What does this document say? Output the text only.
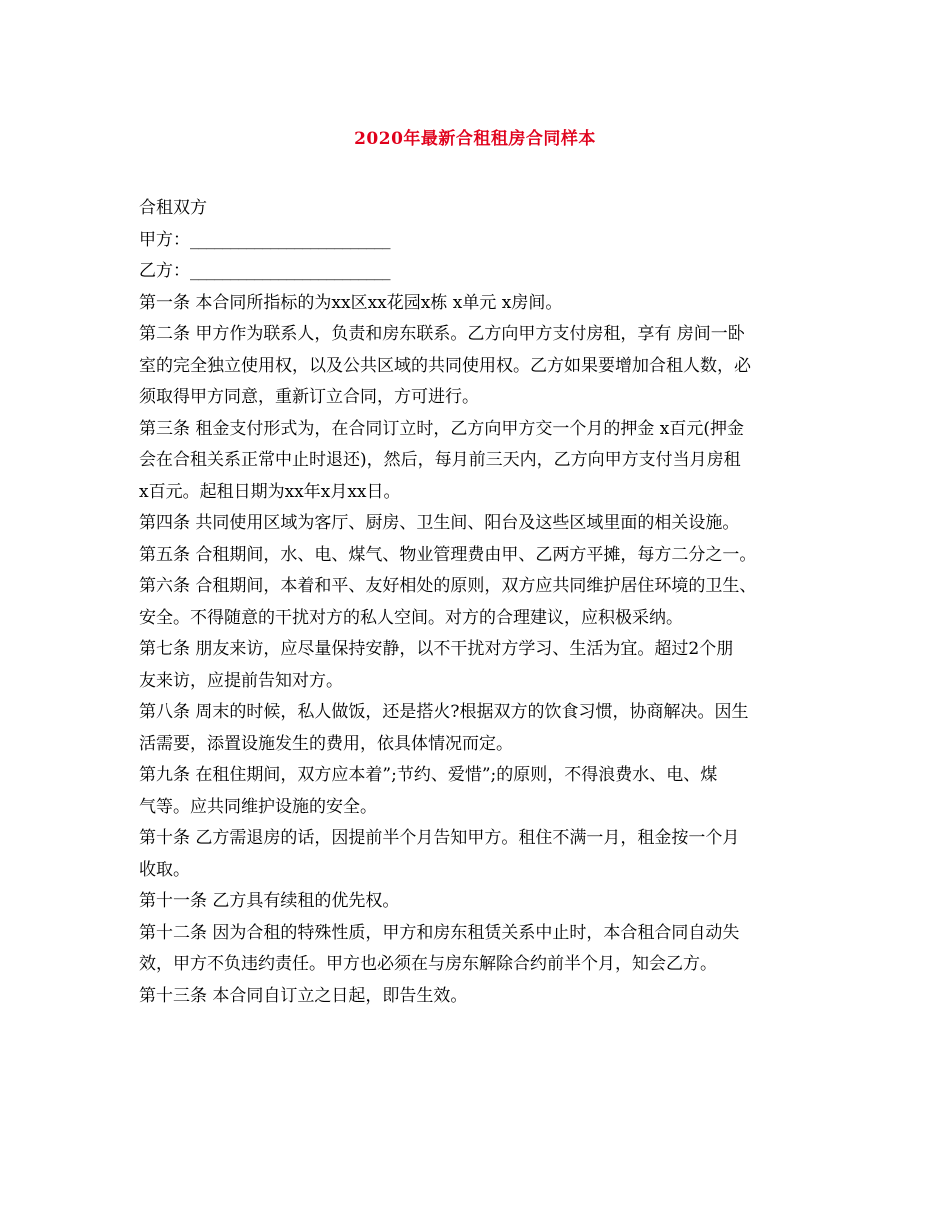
2020年最新合租租房合同样本
合租双方
甲方：_________________________
乙方：_________________________
第一条 本合同所指标的为xx区xx花园x栋 x单元 x房间。
第二条 甲方作为联系人，负责和房东联系。乙方向甲方支付房租，享有 房间一卧
室的完全独立使用权，以及公共区域的共同使用权。乙方如果要增加合租人数，必
须取得甲方同意，重新订立合同，方可进行。
第三条 租金支付形式为，在合同订立时，乙方向甲方交一个月的押金 x百元(押金
会在合租关系正常中止时退还)，然后，每月前三天内，乙方向甲方支付当月房租
x百元。起租日期为xx年x月xx日。
第四条 共同使用区域为客厅、厨房、卫生间、阳台及这些区域里面的相关设施。
第五条 合租期间，水、电、煤气、物业管理费由甲、乙两方平摊，每方二分之一。
第六条 合租期间，本着和平、友好相处的原则，双方应共同维护居住环境的卫生、
安全。不得随意的干扰对方的私人空间。对方的合理建议，应积极采纳。
第七条 朋友来访，应尽量保持安静，以不干扰对方学习、生活为宜。超过2个朋
友来访，应提前告知对方。
第八条 周末的时候，私人做饭，还是搭火?根据双方的饮食习惯，协商解决。因生
活需要，添置设施发生的费用，依具体情况而定。
第九条 在租住期间，双方应本着”;节约、爱惜”;的原则，不得浪费水、电、煤
气等。应共同维护设施的安全。
第十条 乙方需退房的话，因提前半个月告知甲方。租住不满一月，租金按一个月
收取。
第十一条 乙方具有续租的优先权。
第十二条 因为合租的特殊性质，甲方和房东租赁关系中止时，本合租合同自动失
效，甲方不负违约责任。甲方也必须在与房东解除合约前半个月，知会乙方。
第十三条 本合同自订立之日起，即告生效。
